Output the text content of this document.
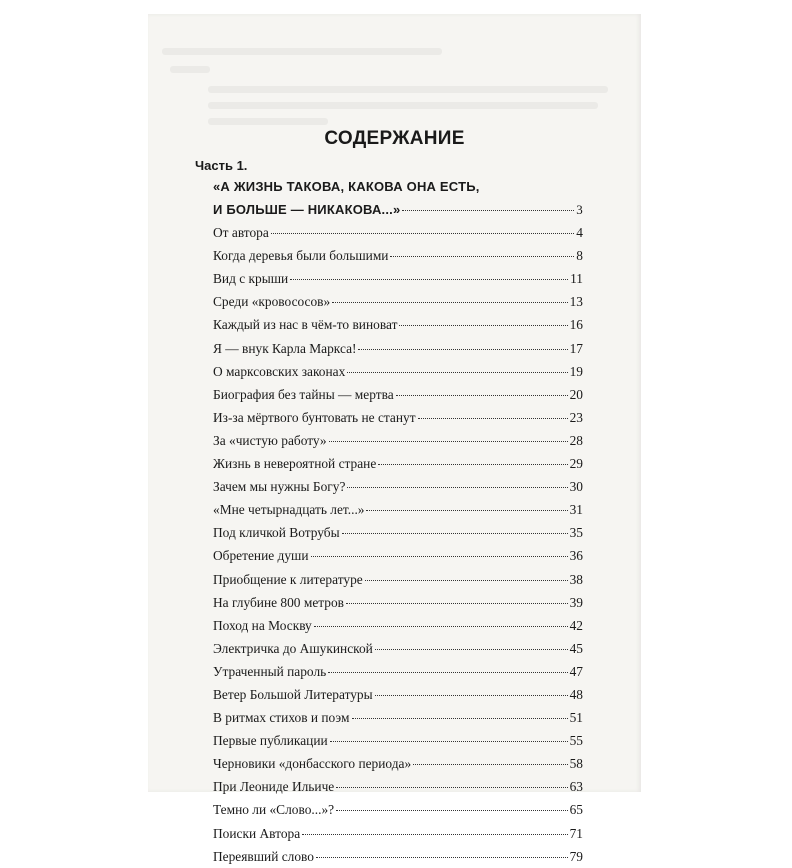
СОДЕРЖАНИЕ
Часть 1.
«А ЖИЗНЬ ТАКОВА, КАКОВА ОНА ЕСТЬ,
И БОЛЬШЕ — НИКАКОВА...»	3
От автора	4
Когда деревья были большими	8
Вид с крыши	11
Среди «кровососов»	13
Каждый из нас в чём-то виноват	16
Я — внук Карла Маркса!	17
О марксовских законах	19
Биография без тайны — мертва	20
Из-за мёртвого бунтовать не станут	23
За «чистую работу»	28
Жизнь в невероятной стране	29
Зачем мы нужны Богу?	30
«Мне четырнадцать лет...»	31
Под кличкой Вотрубы	35
Обретение души	36
Приобщение к литературе	38
На глубине 800 метров	39
Поход на Москву	42
Электричка до Ашукинской	45
Утраченный пароль	47
Ветер Большой Литературы	48
В ритмах стихов и поэм	51
Первые публикации	55
Черновики «донбасского периода»	58
При Леониде Ильиче	63
Темно ли «Слово...»?	65
Поиски Автора	71
Переявший слово	79
